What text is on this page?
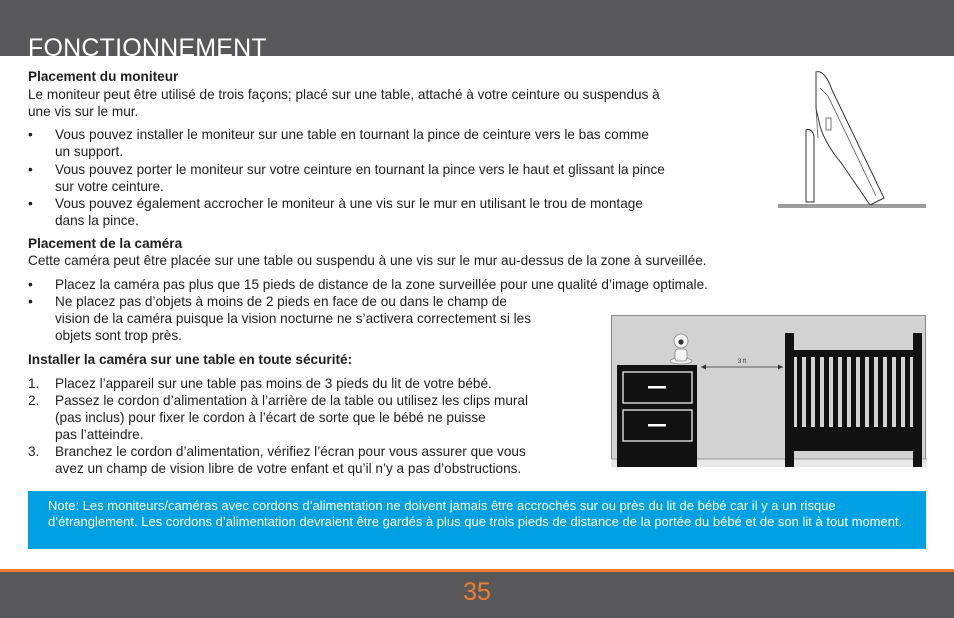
FONCTIONNEMENT

Placement du moniteur

Le moniteur peut être utilisé de trois façons; placé sur une table, attaché à votre ceinture ou suspendus à

une vis sur le mur.

• Vous pouvez installer le moniteur sur une table en tournant la pince de ceinture vers le bas comme
un support.
• Vous pouvez porter le moniteur sur votre ceinture en tournant la pince vers le haut et glissant la pince
sur votre ceinture.
• Vous pouvez également accrocher le moniteur à une vis sur le mur en utilisant le trou de montage
dans la pince.

Placement de la caméra

Cette caméra peut être placée sur une table ou suspendu à une vis sur le mur au-dessus de la zone à surveillée.

• Placez la caméra pas plus que 15 pieds de distance de la zone surveillée pour une qualité d’image optimale.
• Ne placez pas d’objets à moins de 2 pieds en face de ou dans le champ de
vision de la caméra puisque la vision nocturne ne s’activera correctement si les
objets sont trop près.

Installer la caméra sur une table en toute sécurité:

1. Placez l’appareil sur une table pas moins de 3 pieds du lit de votre bébé.
2. Passez le cordon d’alimentation à l’arrière de la table ou utilisez les clips mural
(pas inclus) pour fixer le cordon à l’écart de sorte que le bébé ne puisse
pas l’atteindre.
3. Branchez le cordon d’alimentation, vérifiez l’écran pour vous assurer que vous
avez un champ de vision libre de votre enfant et qu’il n’y a pas d’obstructions.
3 ft

Note: Les moniteurs/caméras avec cordons d’alimentation ne doivent jamais être accrochés sur ou près du lit de bébé car il y a un risque d’étranglement. Les cordons d’alimentation devraient être gardés à plus que trois pieds de distance de la portée du bébé et de son lit à tout moment.

35
